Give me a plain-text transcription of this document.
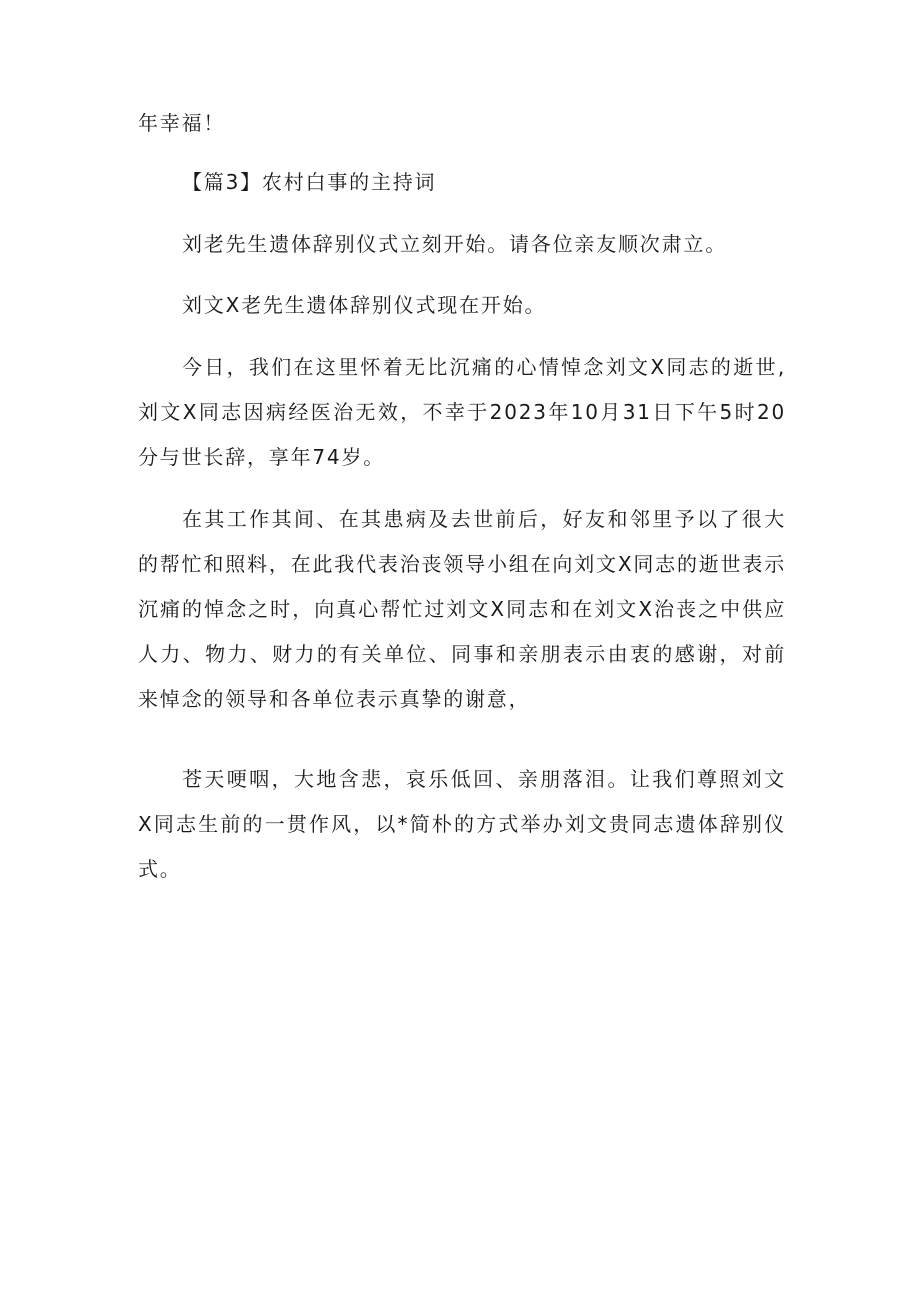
年幸福！

【篇3】农村白事的主持词

刘老先生遗体辞别仪式立刻开始。请各位亲友顺次肃立。

刘文X老先生遗体辞别仪式现在开始。

今日，我们在这里怀着无比沉痛的心情悼念刘文X同志的逝世,刘文X同志因病经医治无效，不幸于2023年10月31日下午5时20分与世长辞，享年74岁。

在其工作其间、在其患病及去世前后，好友和邻里予以了很大的帮忙和照料，在此我代表治丧领导小组在向刘文X同志的逝世表示沉痛的悼念之时，向真心帮忙过刘文X同志和在刘文X治丧之中供应人力、物力、财力的有关单位、同事和亲朋表示由衷的感谢，对前来悼念的领导和各单位表示真挚的谢意，

苍天哽咽，大地含悲，哀乐低回、亲朋落泪。让我们尊照刘文X同志生前的一贯作风，以*简朴的方式举办刘文贵同志遗体辞别仪式。
